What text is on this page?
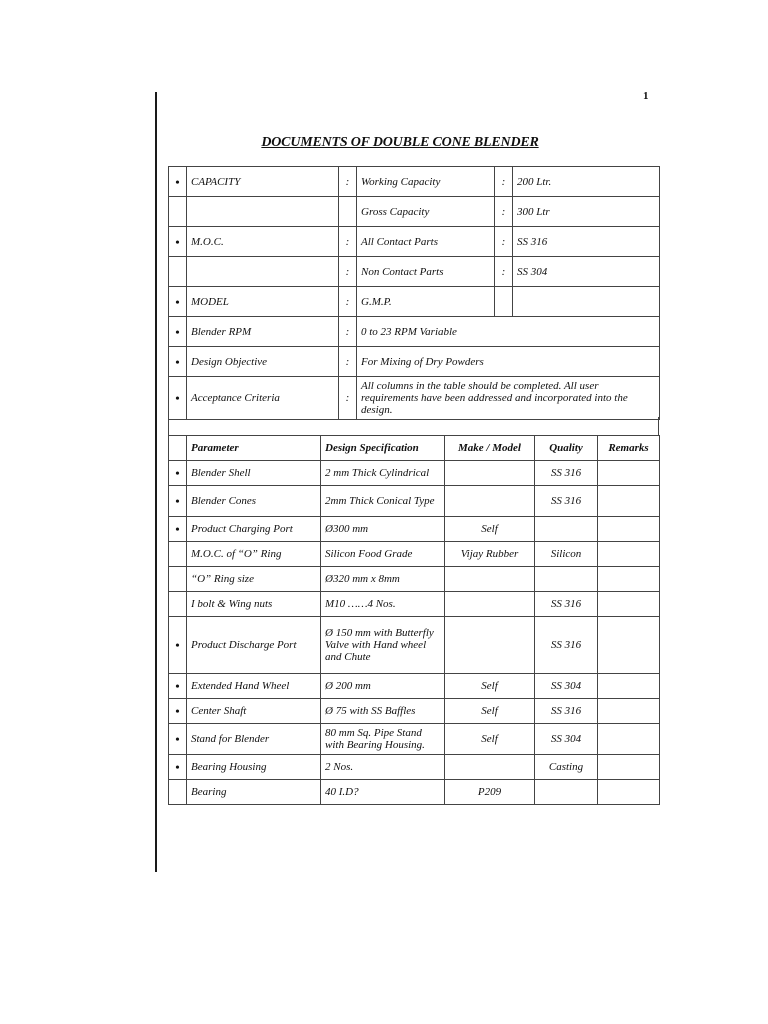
1
DOCUMENTS OF DOUBLE CONE BLENDER
•	CAPACITY	:	Working Capacity	:	200 Ltr.
			Gross Capacity	:	300 Ltr
•	M.O.C.	:	All Contact Parts	:	SS 316
		:	Non Contact Parts	:	SS 304
•	MODEL	:	G.M.P.		
•	Blender RPM	:	0 to 23 RPM Variable		
•	Design Objective	:	For Mixing of Dry Powders		
•	Acceptance Criteria	:	All columns in the table should be completed. All user requirements have been addressed and incorporated into the design.		
	Parameter	Design Specification	Make / Model	Quality	Remarks
•	Blender Shell	2 mm Thick Cylindrical		SS 316	
•	Blender Cones	2mm Thick Conical Type		SS 316	
•	Product Charging Port	Ø300 mm	Self		
	M.O.C. of “O” Ring	Silicon Food Grade	Vijay Rubber	Silicon	
	“O” Ring size	Ø320 mm x 8mm			
	I bolt & Wing nuts	M10 ……4 Nos.		SS 316	
•	Product Discharge Port	Ø 150 mm with Butterfly Valve with Hand wheel and Chute		SS 316	
•	Extended Hand Wheel	Ø 200 mm	Self	SS 304	
•	Center Shaft	Ø 75 with SS Baffles	Self	SS 316	
•	Stand for Blender	80 mm Sq. Pipe Stand with Bearing Housing.	Self	SS 304	
•	Bearing Housing	2 Nos.		Casting	
	Bearing	40 I.D?	P209		
